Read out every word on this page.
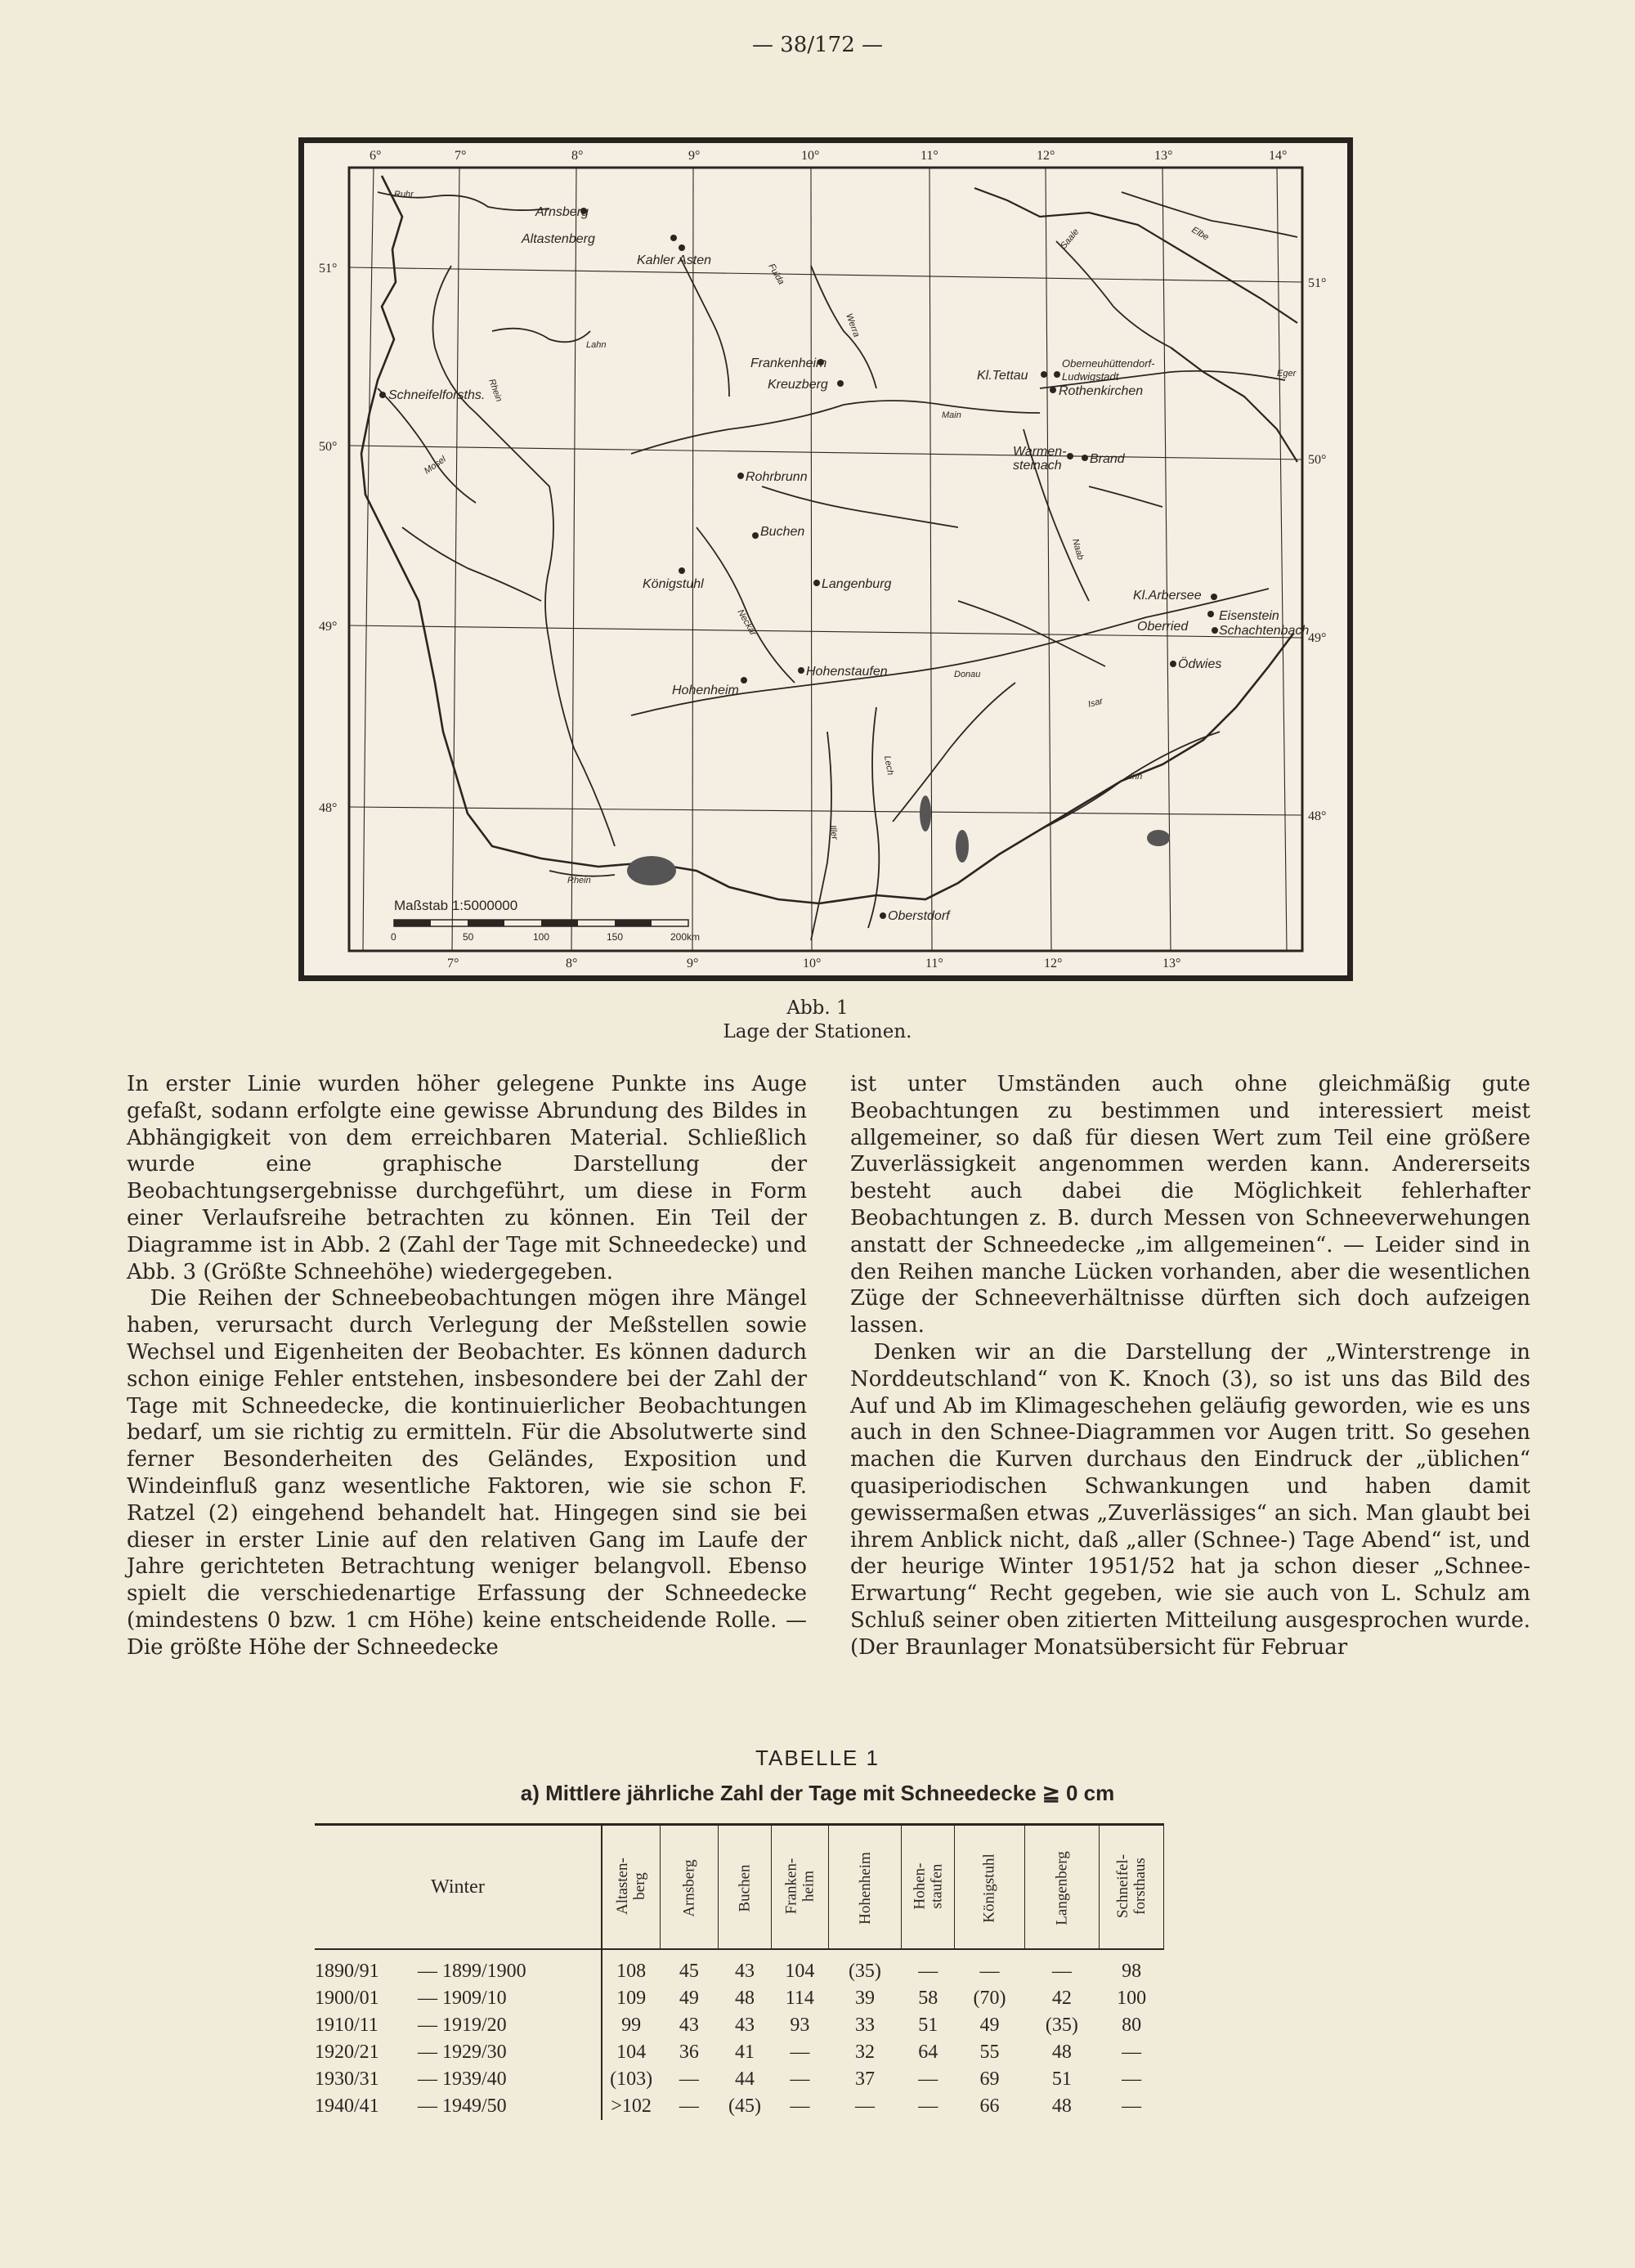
— 38/172 —
6°	7°	8°	9°	10°	11°	12°	13°	14°
7°	8°	9°	10°	11°	12°	13°
51°
50°
49°
48°
51°
50°
49°
48°
Arnsberg
Altastenberg
Kahler Asten
Schneifelforsths.
Frankenheim
Kreuzberg
Kl.Tettau
Oberneuhüttendorf-
Ludwigstadt
Rothenkirchen
Warmen-
steinach Brand
Rohrbrunn
Buchen
Königstuhl	Langenburg
Hohenheim
Hohenstaufen
Kl.Arbersee
Eisenstein
Oberried Schachtenbach
Ödwies
Oberstdorf
Ruhr
Lahn
Rhein
Mosel
Fulda
Werra
Saale	Elbe
Eger
Main
Naab
Neckar
Donau
Isar
Inn
Lech
Iller
Rhein
Maßstab 1:5000000
0	50	100	150	200km
Abb. 1
Lage der Stationen.

In erster Linie wurden höher gelegene Punkte ins Auge gefaßt, sodann erfolgte eine gewisse Abrundung des Bildes in Abhängigkeit von dem erreichbaren Material. Schließlich wurde eine graphische Darstellung der Beobachtungsergebnisse durchgeführt, um diese in Form einer Verlaufsreihe betrachten zu können. Ein Teil der Diagramme ist in Abb. 2 (Zahl der Tage mit Schneedecke) und Abb. 3 (Größte Schneehöhe) wiedergegeben.

Die Reihen der Schneebeobachtungen mögen ihre Mängel haben, verursacht durch Verlegung der Meßstellen sowie Wechsel und Eigenheiten der Beobachter. Es können dadurch schon einige Fehler entstehen, insbesondere bei der Zahl der Tage mit Schneedecke, die kontinuierlicher Beobachtungen bedarf, um sie richtig zu ermitteln. Für die Absolutwerte sind ferner Besonderheiten des Geländes, Exposition und Windeinfluß ganz wesentliche Faktoren, wie sie schon F. Ratzel (2) eingehend behandelt hat. Hingegen sind sie bei dieser in erster Linie auf den relativen Gang im Laufe der Jahre gerichteten Betrachtung weniger belangvoll. Ebenso spielt die verschiedenartige Erfassung der Schneedecke (mindestens 0 bzw. 1 cm Höhe) keine entscheidende Rolle. — Die größte Höhe der Schneedecke

ist unter Umständen auch ohne gleichmäßig gute Beobachtungen zu bestimmen und interessiert meist allgemeiner, so daß für diesen Wert zum Teil eine größere Zuverlässigkeit angenommen werden kann. Andererseits besteht auch dabei die Möglichkeit fehlerhafter Beobachtungen z. B. durch Messen von Schneeverwehungen anstatt der Schneedecke „im allgemeinen“. — Leider sind in den Reihen manche Lücken vorhanden, aber die wesentlichen Züge der Schneeverhältnisse dürften sich doch aufzeigen lassen.

Denken wir an die Darstellung der „Winterstrenge in Norddeutschland“ von K. Knoch (3), so ist uns das Bild des Auf und Ab im Klimageschehen geläufig geworden, wie es uns auch in den Schnee-Diagrammen vor Augen tritt. So gesehen machen die Kurven durchaus den Eindruck der „üblichen“ quasiperiodischen Schwankungen und haben damit gewissermaßen etwas „Zuverlässiges“ an sich. Man glaubt bei ihrem Anblick nicht, daß „aller (Schnee-) Tage Abend“ ist, und der heurige Winter 1951/52 hat ja schon dieser „Schnee-Erwartung“ Recht gegeben, wie sie auch von L. Schulz am Schluß seiner oben zitierten Mitteilung ausgesprochen wurde. (Der Braunlager Monatsübersicht für Februar

TABELLE 1
a) Mittlere jährliche Zahl der Tage mit Schneedecke ≧ 0 cm
Winter	Altasten-
berg	Arnsberg	Buchen	Franken-
heim	Hohenheim	Hohen-
staufen	Königstuhl	Langenberg	Schneifel-
forsthaus
1890/91 — 1899/1900	108	45	43	104	(35)	—	—	—	98
1900/01 — 1909/10	109	49	48	114	39	58	(70)	42	100
1910/11 — 1919/20	99	43	43	93	33	51	49	(35)	80
1920/21 — 1929/30	104	36	41	—	32	64	55	48	—
1930/31 — 1939/40	(103)	—	44	—	37	—	69	51	—
1940/41 — 1949/50	>102	—	(45)	—	—	—	66	48	—
